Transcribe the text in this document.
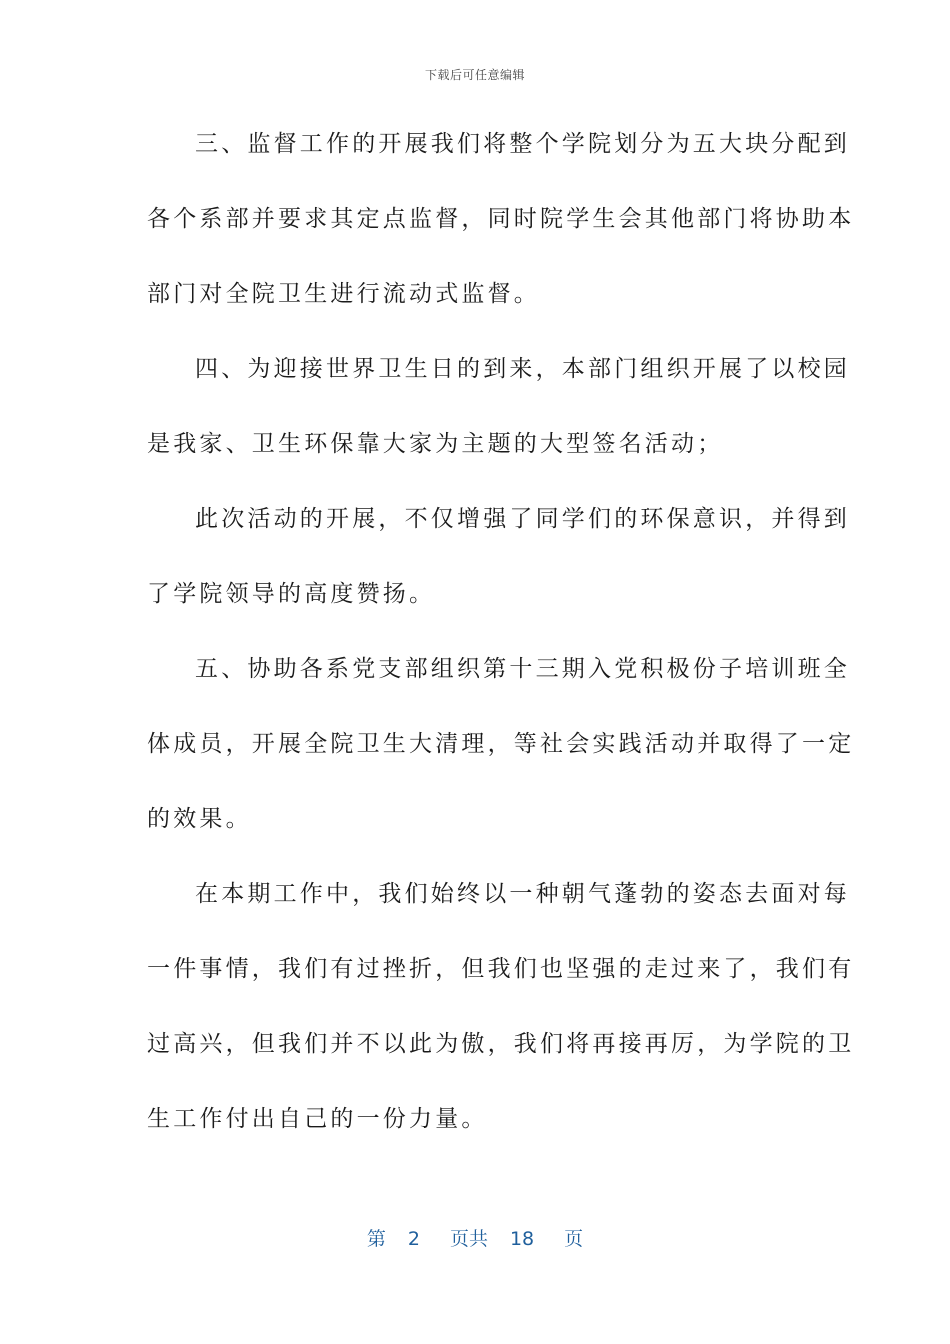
下载后可任意编辑
三、监督工作的开展我们将整个学院划分为五大块分配到
各个系部并要求其定点监督，同时院学生会其他部门将协助本
部门对全院卫生进行流动式监督。
四、为迎接世界卫生日的到来，本部门组织开展了以校园
是我家、卫生环保靠大家为主题的大型签名活动；
此次活动的开展，不仅增强了同学们的环保意识，并得到
了学院领导的高度赞扬。
五、协助各系党支部组织第十三期入党积极份子培训班全
体成员，开展全院卫生大清理，等社会实践活动并取得了一定
的效果。
在本期工作中，我们始终以一种朝气蓬勃的姿态去面对每
一件事情，我们有过挫折，但我们也坚强的走过来了，我们有
过高兴，但我们并不以此为傲，我们将再接再厉，为学院的卫
生工作付出自己的一份力量。
第 2 页共 18 页
